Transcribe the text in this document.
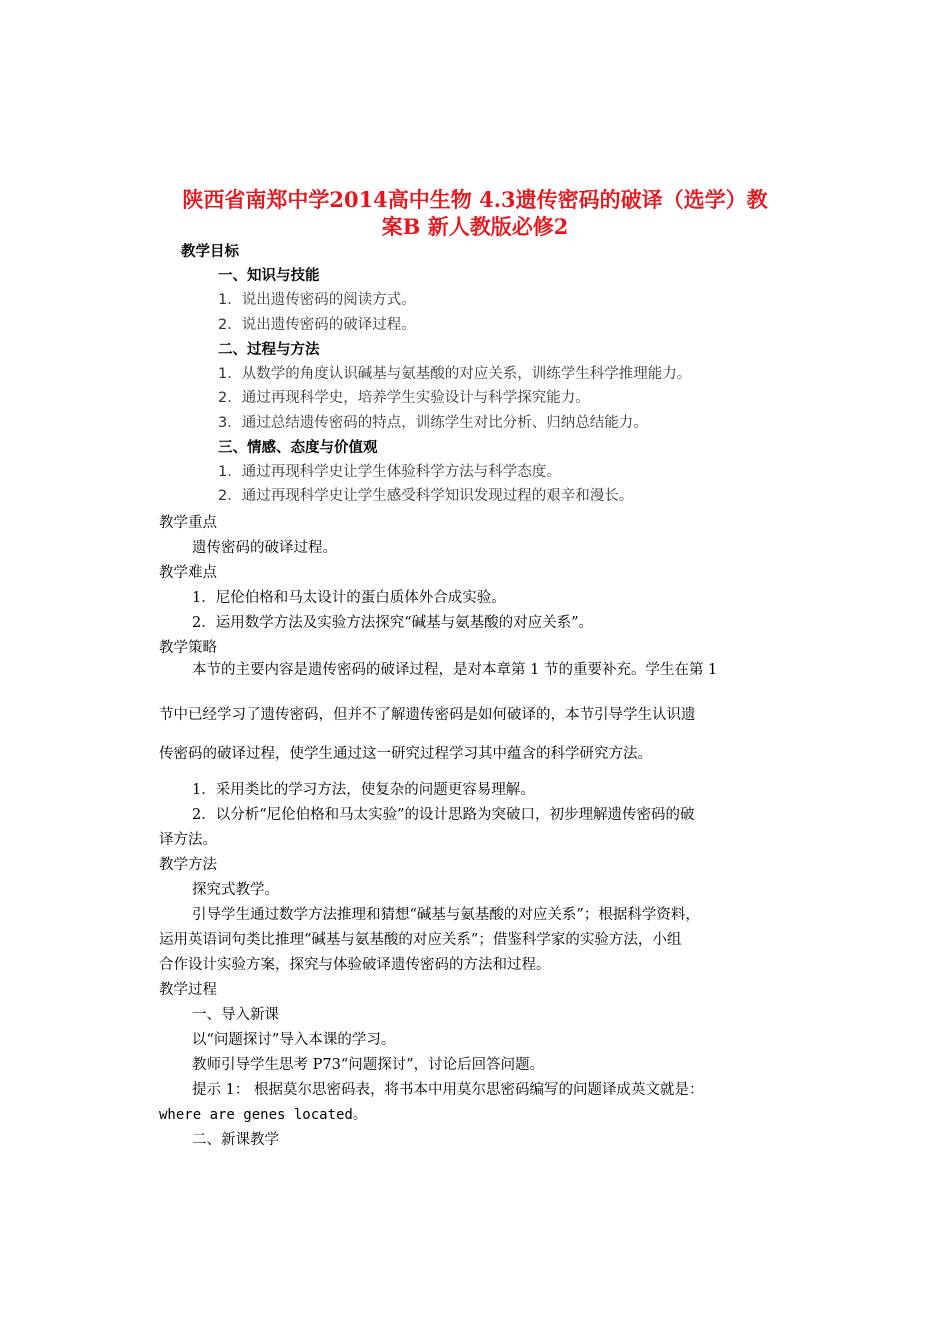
陕西省南郑中学2014高中生物 4.3遗传密码的破译（选学）教
案B 新人教版必修2
教学目标
一、知识与技能
1．说出遗传密码的阅读方式。
2．说出遗传密码的破译过程。
二、过程与方法
1．从数学的角度认识碱基与氨基酸的对应关系，训练学生科学推理能力。
2．通过再现科学史，培养学生实验设计与科学探究能力。
3．通过总结遗传密码的特点，训练学生对比分析、归纳总结能力。
三、情感、态度与价值观
1．通过再现科学史让学生体验科学方法与科学态度。
2．通过再现科学史让学生感受科学知识发现过程的艰辛和漫长。
教学重点
遗传密码的破译过程。
教学难点
1．尼伦伯格和马太设计的蛋白质体外合成实验。
2．运用数学方法及实验方法探究“碱基与氨基酸的对应关系”。
教学策略
本节的主要内容是遗传密码的破译过程，是对本章第 1 节的重要补充。学生在第 1
节中已经学习了遗传密码，但并不了解遗传密码是如何破译的，本节引导学生认识遗
传密码的破译过程，使学生通过这一研究过程学习其中蕴含的科学研究方法。
1．采用类比的学习方法，使复杂的问题更容易理解。
2．以分析“尼伦伯格和马太实验”的设计思路为突破口，初步理解遗传密码的破
译方法。
教学方法
探究式教学。
引导学生通过数学方法推理和猜想“碱基与氨基酸的对应关系”；根据科学资料，
运用英语词句类比推理“碱基与氨基酸的对应关系”；借鉴科学家的实验方法，小组
合作设计实验方案，探究与体验破译遗传密码的方法和过程。
教学过程
一、导入新课
以“问题探讨”导入本课的学习。
教师引导学生思考 P73“问题探讨”，讨论后回答问题。
提示 1： 根据莫尔思密码表，将书本中用莫尔思密码编写的问题译成英文就是：
where are genes located。
二、新课教学
